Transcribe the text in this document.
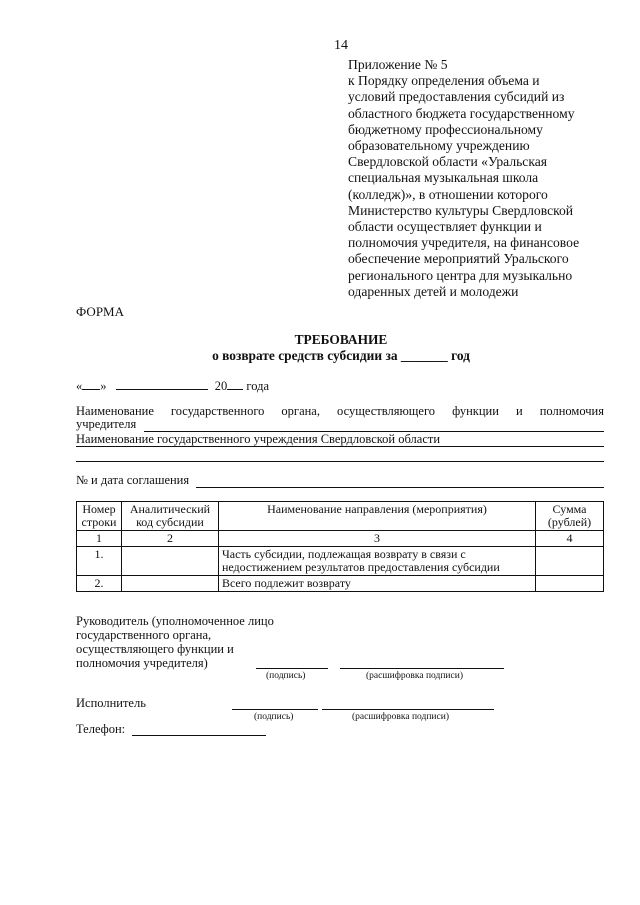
14
Приложение № 5
к Порядку определения объема и
условий предоставления субсидий из
областного бюджета государственному
бюджетному профессиональному
образовательному учреждению
Свердловской области «Уральская
специальная музыкальная школа
(колледж)», в отношении которого
Министерство культуры Свердловской
области осуществляет функции и
полномочия учредителя, на финансовое
обеспечение мероприятий Уральского
регионального центра для музыкально
одаренных детей и молодежи
ФОРМА
ТРЕБОВАНИЕ
о возврате средств субсидии за _______ год
« »	20 года
Наименование государственного органа, осуществляющего функции и полномочия
учредителя
Наименование государственного учреждения Свердловской области
№ и дата соглашения
Номер строки	Аналитический код субсидии	Наименование направления (мероприятия)	Сумма (рублей)
1	2	3	4
1.		Часть субсидии, подлежащая возврату в связи с недостижением результатов предоставления субсидии	
2.		Всего подлежит возврату	
Руководитель (уполномоченное лицо
государственного органа,
осуществляющего функции и
полномочия учредителя)
(подпись)	(расшифровка подписи)
Исполнитель
(подпись)	(расшифровка подписи)
Телефон:
